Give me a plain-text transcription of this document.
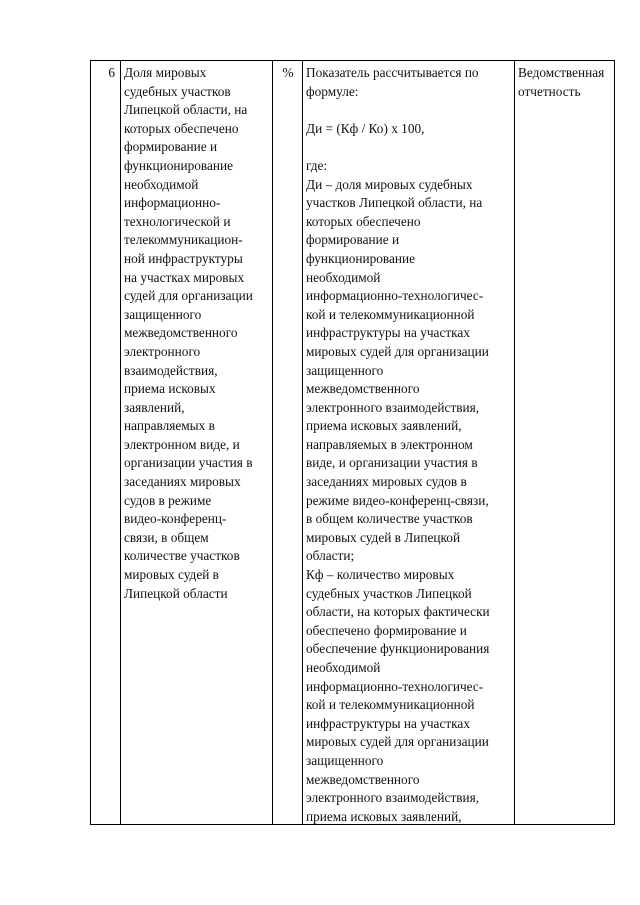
6 Доля мировых
судебных участков
Липецкой области, на
которых обеспечено
формирование и
функционирование
необходимой
информационно-
технологической и
телекоммуникацион-
ной инфраструктуры
на участках мировых
судей для организации
защищенного
межведомственного
электронного
взаимодействия,
приема исковых
заявлений,
направляемых в
электронном виде, и
организации участия в
заседаниях мировых
судов в режиме
видео-конференц-
связи, в общем
количестве участков
мировых судей в
Липецкой области
% Показатель рассчитывается по
формуле:

Ди = (Кф / Ко) х 100,

где:
Ди – доля мировых судебных
участков Липецкой области, на
которых обеспечено
формирование и
функционирование
необходимой
информационно-технологичес-
кой и телекоммуникационной
инфраструктуры на участках
мировых судей для организации
защищенного
межведомственного
электронного взаимодействия,
приема исковых заявлений,
направляемых в электронном
виде, и организации участия в
заседаниях мировых судов в
режиме видео-конференц-связи,
в общем количестве участков
мировых судей в Липецкой
области;
Кф – количество мировых
судебных участков Липецкой
области, на которых фактически
обеспечено формирование и
обеспечение функционирования
необходимой
информационно-технологичес-
кой и телекоммуникационной
инфраструктуры на участках
мировых судей для организации
защищенного
межведомственного
электронного взаимодействия,
приема исковых заявлений,
Ведомственная
отчетность
